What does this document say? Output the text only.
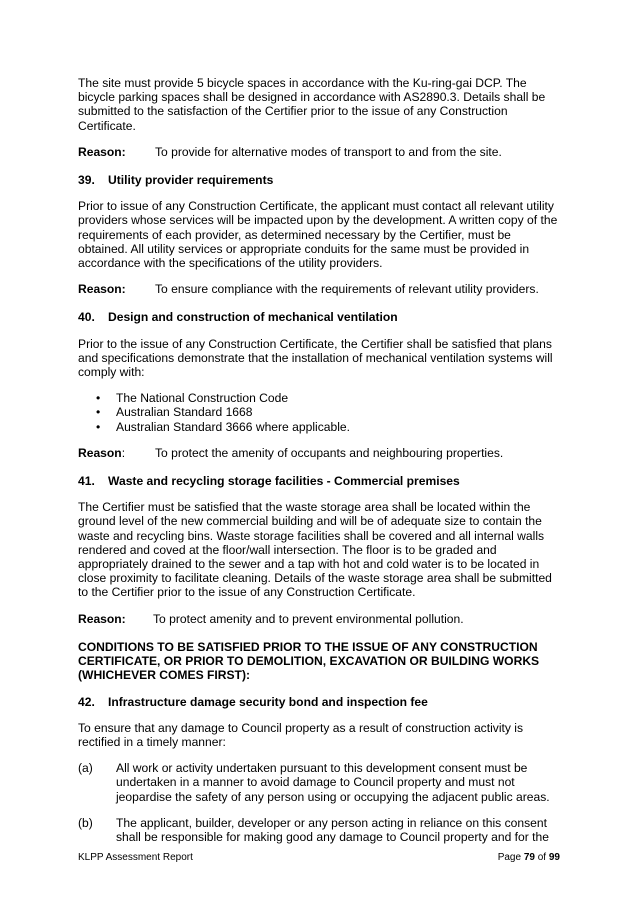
The site must provide 5 bicycle spaces in accordance with the Ku-ring-gai DCP. The bicycle parking spaces shall be designed in accordance with AS2890.3. Details shall be submitted to the satisfaction of the Certifier prior to the issue of any Construction Certificate.

Reason:	To provide for alternative modes of transport to and from the site.
39.	Utility provider requirements

Prior to issue of any Construction Certificate, the applicant must contact all relevant utility providers whose services will be impacted upon by the development. A written copy of the requirements of each provider, as determined necessary by the Certifier, must be obtained. All utility services or appropriate conduits for the same must be provided in accordance with the specifications of the utility providers.

Reason:	To ensure compliance with the requirements of relevant utility providers.
40.	Design and construction of mechanical ventilation

Prior to the issue of any Construction Certificate, the Certifier shall be satisfied that plans and specifications demonstrate that the installation of mechanical ventilation systems will comply with:

•	The National Construction Code
•	Australian Standard 1668
•	Australian Standard 3666 where applicable.
Reason:	To protect the amenity of occupants and neighbouring properties.
41.	Waste and recycling storage facilities - Commercial premises

The Certifier must be satisfied that the waste storage area shall be located within the ground level of the new commercial building and will be of adequate size to contain the waste and recycling bins. Waste storage facilities shall be covered and all internal walls rendered and coved at the floor/wall intersection. The floor is to be graded and appropriately drained to the sewer and a tap with hot and cold water is to be located in close proximity to facilitate cleaning. Details of the waste storage area shall be submitted to the Certifier prior to the issue of any Construction Certificate.

Reason:	To protect amenity and to prevent environmental pollution.

CONDITIONS TO BE SATISFIED PRIOR TO THE ISSUE OF ANY CONSTRUCTION CERTIFICATE, OR PRIOR TO DEMOLITION, EXCAVATION OR BUILDING WORKS (WHICHEVER COMES FIRST):

42.	Infrastructure damage security bond and inspection fee

To ensure that any damage to Council property as a result of construction activity is rectified in a timely manner:

(a)	All work or activity undertaken pursuant to this development consent must be undertaken in a manner to avoid damage to Council property and must not jeopardise the safety of any person using or occupying the adjacent public areas.
(b)	The applicant, builder, developer or any person acting in reliance on this consent shall be responsible for making good any damage to Council property and for the
KLPP Assessment Report	Page 79 of 99
